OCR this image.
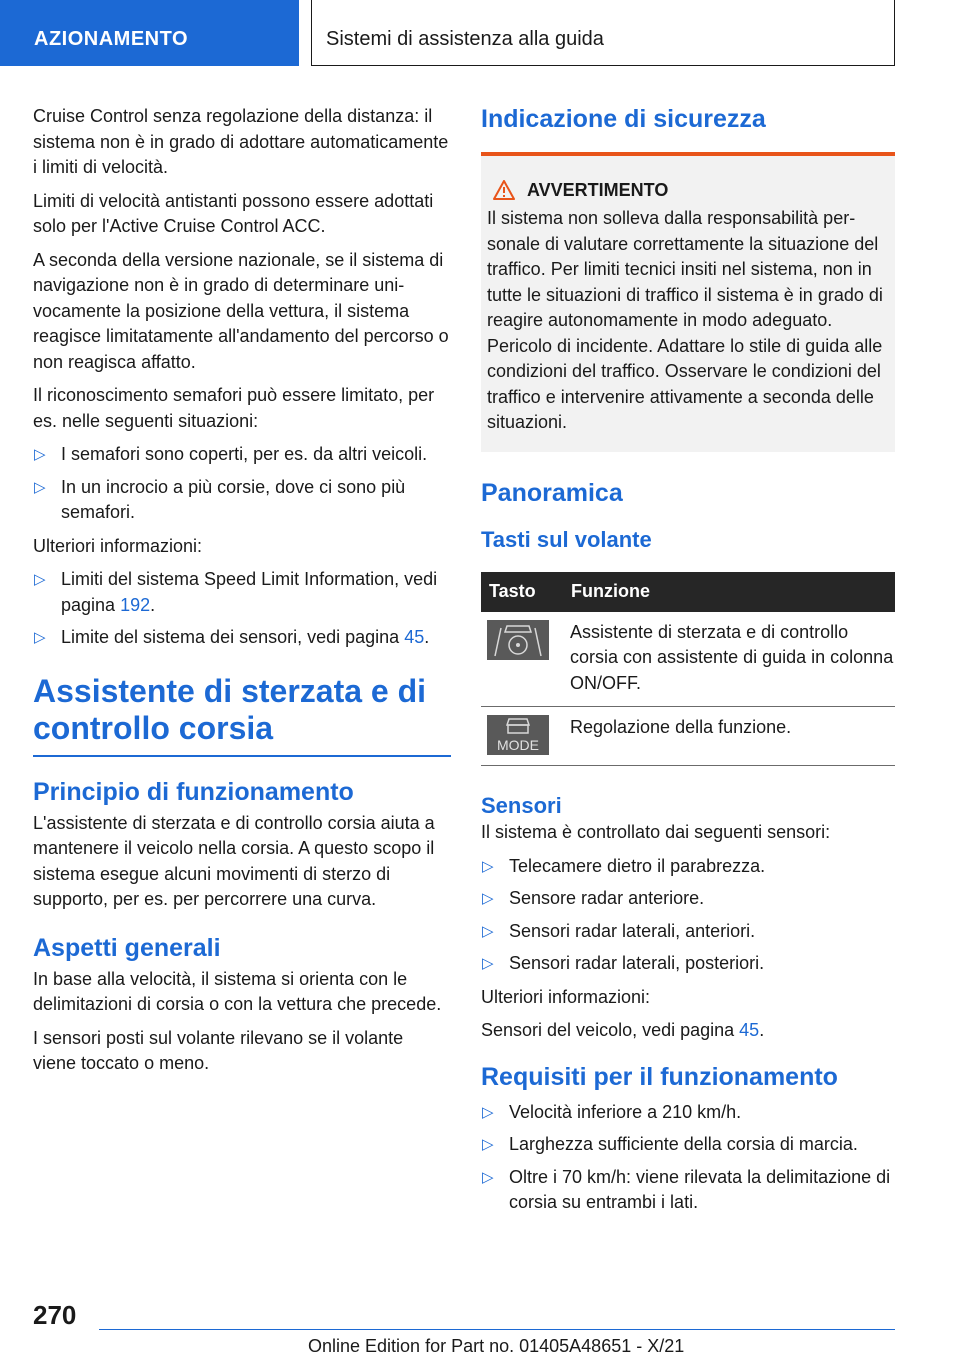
AZIONAMENTO	Sistemi di assistenza alla guida

Cruise Control senza regolazione della distanza: il sistema non è in grado di adottare automaticamente i limiti di velocità.

Limiti di velocità antistanti possono essere adottati solo per l'Active Cruise Control ACC.

A seconda della versione nazionale, se il sistema di navigazione non è in grado di determinare univocamente la posizione della vettura, il sistema reagisce limitatamente all'andamento del percorso o non reagisca affatto.

Il riconoscimento semafori può essere limitato, per es. nelle seguenti situazioni:

▷ I semafori sono coperti, per es. da altri veicoli.
▷ In un incrocio a più corsie, dove ci sono più semafori.

Ulteriori informazioni:

▷ Limiti del sistema Speed Limit Information, vedi pagina 192.
▷ Limite del sistema dei sensori, vedi pagina 45.
Assistente di sterzata e di controllo corsia
Principio di funzionamento

L'assistente di sterzata e di controllo corsia aiuta a mantenere il veicolo nella corsia. A questo scopo il sistema esegue alcuni movimenti di sterzo di supporto, per es. per percorrere una curva.

Aspetti generali

In base alla velocità, il sistema si orienta con le delimitazioni di corsia o con la vettura che precede.

I sensori posti sul volante rilevano se il volante viene toccato o meno.

Indicazione di sicurezza
AVVERTIMENTO

Il sistema non solleva dalla responsabilità personale di valutare correttamente la situazione del traffico. Per limiti tecnici insiti nel sistema, non in tutte le situazioni di traffico il sistema è in grado di reagire autonomamente in modo adeguato. Pericolo di incidente. Adattare lo stile di guida alle condizioni del traffico. Osservare le condizioni del traffico e intervenire attivamente a seconda delle situazioni.

Panoramica
Tasti sul volante
Tasto	Funzione

	Assistente di sterzata e di controllo corsia con assistente di guida in colonna ON/OFF.

MODE	Regolazione della funzione.
Sensori

Il sistema è controllato dai seguenti sensori:

▷ Telecamere dietro il parabrezza.
▷ Sensore radar anteriore.
▷ Sensori radar laterali, anteriori.
▷ Sensori radar laterali, posteriori.

Ulteriori informazioni:

Sensori del veicolo, vedi pagina 45.

Requisiti per il funzionamento
▷ Velocità inferiore a 210 km/h.
▷ Larghezza sufficiente della corsia di marcia.
▷ Oltre i 70 km/h: viene rilevata la delimitazione di corsia su entrambi i lati.
270
Online Edition for Part no. 01405A48651 - X/21
